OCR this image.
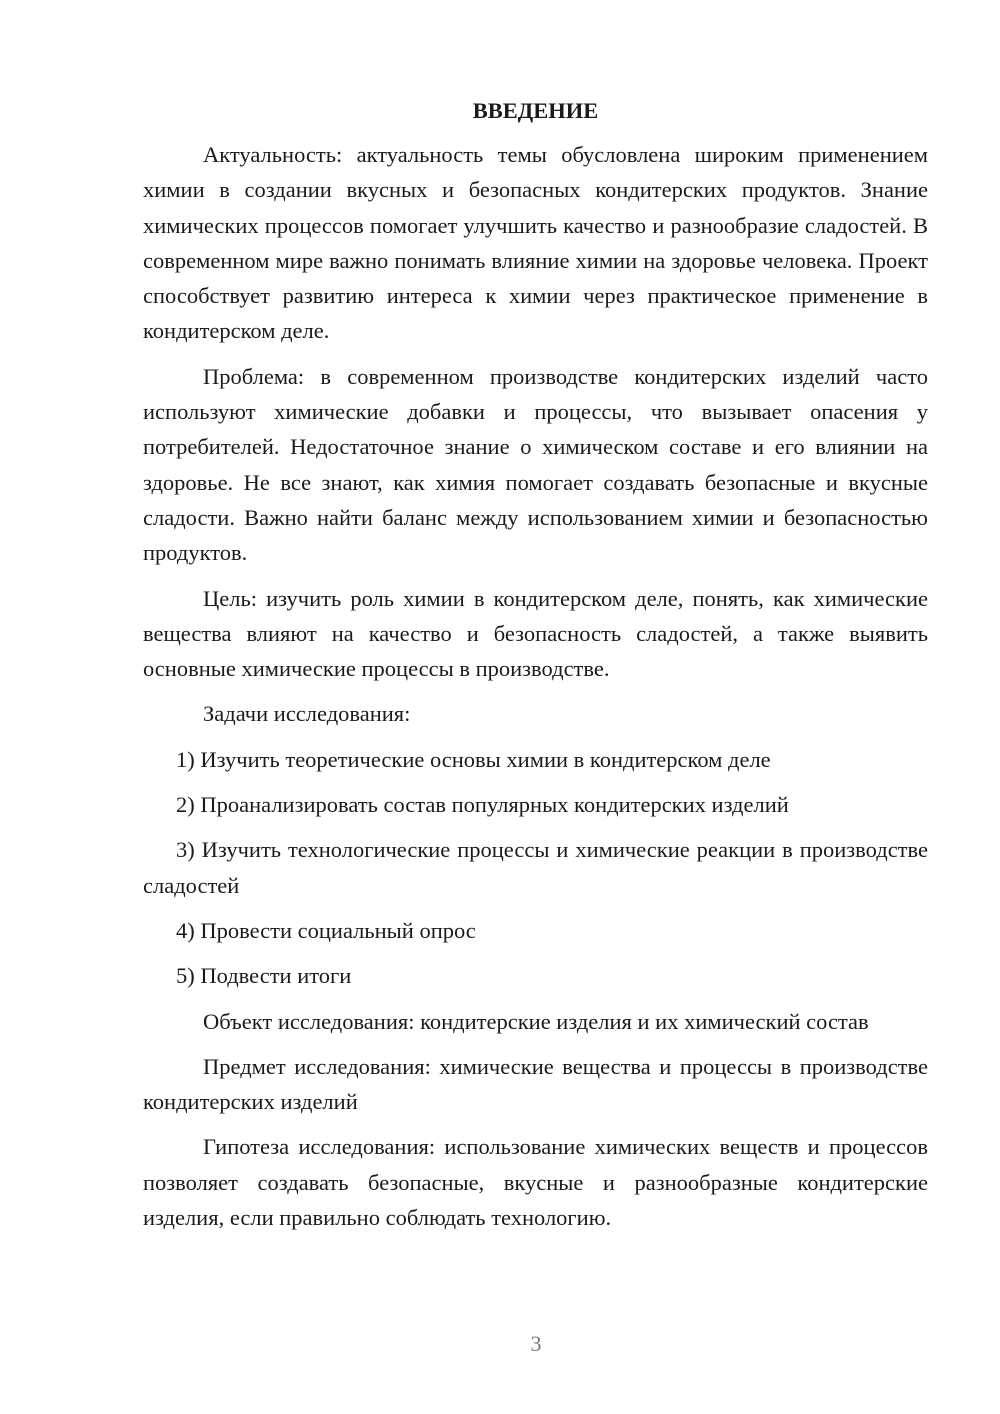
ВВЕДЕНИЕ

Актуальность: актуальность темы обусловлена широким применением химии в создании вкусных и безопасных кондитерских продуктов. Знание химических процессов помогает улучшить качество и разнообразие сладостей. В современном мире важно понимать влияние химии на здоровье человека. Проект способствует развитию интереса к химии через практическое применение в кондитерском деле.

Проблема: в современном производстве кондитерских изделий часто используют химические добавки и процессы, что вызывает опасения у потребителей. Недостаточное знание о химическом составе и его влиянии на здоровье. Не все знают, как химия помогает создавать безопасные и вкусные сладости. Важно найти баланс между использованием химии и безопасностью продуктов.

Цель: изучить роль химии в кондитерском деле, понять, как химические вещества влияют на качество и безопасность сладостей, а также выявить основные химические процессы в производстве.

Задачи исследования:

1) Изучить теоретические основы химии в кондитерском деле

2) Проанализировать состав популярных кондитерских изделий

3) Изучить технологические процессы и химические реакции в производстве сладостей

4) Провести социальный опрос

5) Подвести итоги

Объект исследования: кондитерские изделия и их химический состав

Предмет исследования: химические вещества и процессы в производстве кондитерских изделий

Гипотеза исследования: использование химических веществ и процессов позволяет создавать безопасные, вкусные и разнообразные кондитерские изделия, если правильно соблюдать технологию.

3
